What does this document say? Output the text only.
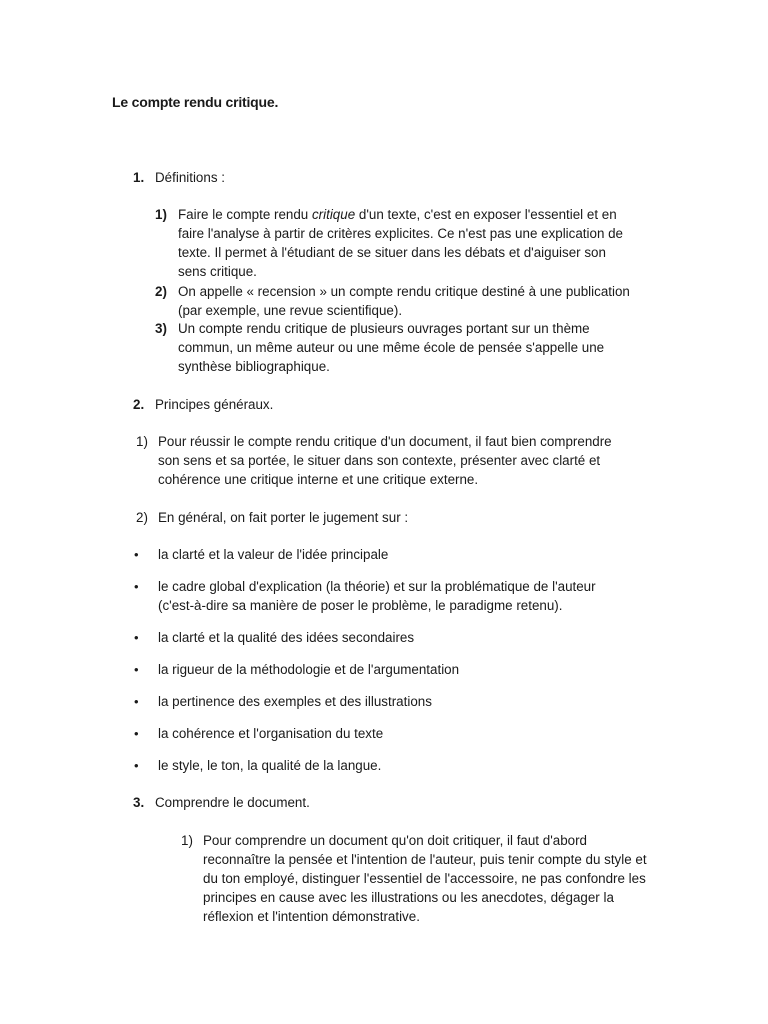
Le compte rendu critique.
1. Définitions :
1) Faire le compte rendu critique d'un texte, c'est en exposer l'essentiel et en faire l'analyse à partir de critères explicites. Ce n'est pas une explication de texte. Il permet à l'étudiant de se situer dans les débats et d'aiguiser son sens critique.
2) On appelle « recension » un compte rendu critique destiné à une publication (par exemple, une revue scientifique).
3) Un compte rendu critique de plusieurs ouvrages portant sur un thème commun, un même auteur ou une même école de pensée s'appelle une synthèse bibliographique.
2. Principes généraux.
1) Pour réussir le compte rendu critique d'un document, il faut bien comprendre son sens et sa portée, le situer dans son contexte, présenter avec clarté et cohérence une critique interne et une critique externe.
2) En général, on fait porter le jugement sur :
•	la clarté et la valeur de l'idée principale
•	le cadre global d'explication (la théorie) et sur la problématique de l'auteur (c'est-à-dire sa manière de poser le problème, le paradigme retenu).
•	la clarté et la qualité des idées secondaires
•	la rigueur de la méthodologie et de l'argumentation
•	la pertinence des exemples et des illustrations
•	la cohérence et l'organisation du texte
•	le style, le ton, la qualité de la langue.
3. Comprendre le document.
1) Pour comprendre un document qu'on doit critiquer, il faut d'abord reconnaître la pensée et l'intention de l'auteur, puis tenir compte du style et du ton employé, distinguer l'essentiel de l'accessoire, ne pas confondre les principes en cause avec les illustrations ou les anecdotes, dégager la réflexion et l'intention démonstrative.
